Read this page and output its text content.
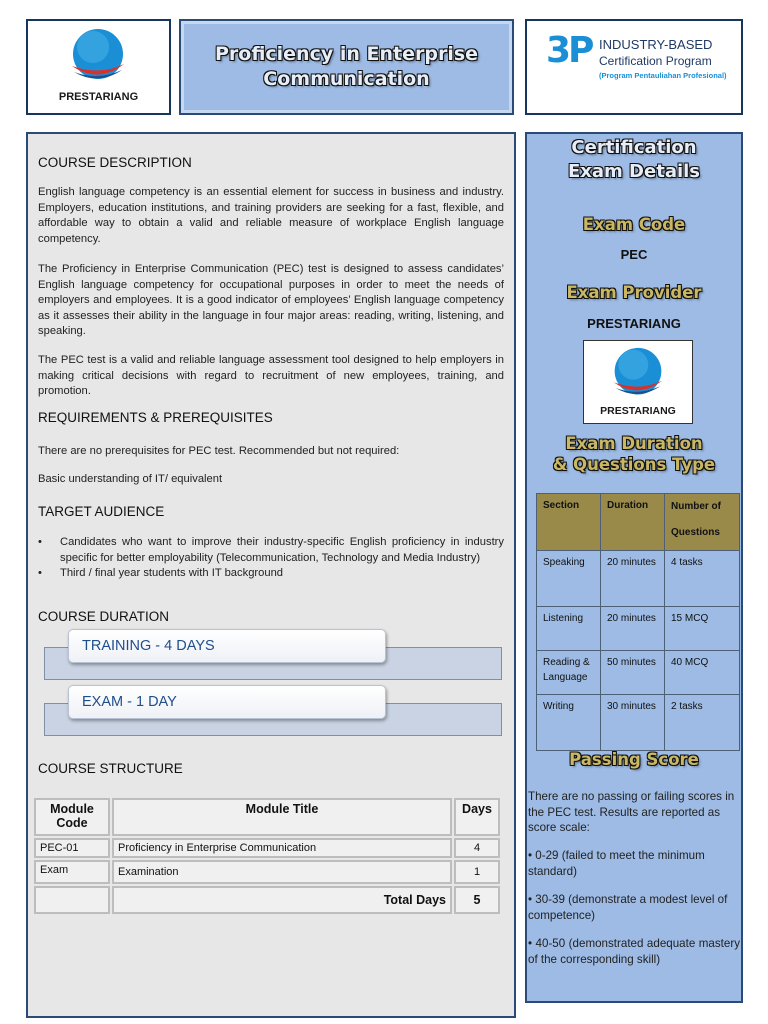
PRESTARIANG
Proficiency in Enterprise
Communication
3P INDUSTRY-BASED
Certification Program
(Program Pentauliahan Profesional)
COURSE DESCRIPTION
English language competency is an essential element for success in business and industry. Employers, education institutions, and training providers are seeking for a fast, flexible, and affordable way to obtain a valid and reliable measure of workplace English language competency.
The Proficiency in Enterprise Communication (PEC) test is designed to assess candidates’ English language competency for occupational purposes in order to meet the needs of employers and employees. It is a good indicator of employees’ English language competency as it assesses their ability in the language in four major areas: reading, writing, listening, and speaking.
The PEC test is a valid and reliable language assessment tool designed to help employers in making critical decisions with regard to recruitment of new employees, training, and promotion.
REQUIREMENTS & PREREQUISITES
There are no prerequisites for PEC test. Recommended but not required:
Basic understanding of IT/ equivalent
TARGET AUDIENCE
• Candidates who want to improve their industry-specific English proficiency in industry specific for better employability (Telecommunication, Technology and Media Industry)
• Third / final year students with IT background
COURSE DURATION
TRAINING - 4 DAYS
EXAM - 1 DAY
COURSE STRUCTURE
Module Code	Module Title	Days
PEC-01	Proficiency in Enterprise Communication	4
Exam	Examination	1
	Total Days	5
Certification
Exam Details
Exam Code
PEC
Exam Provider
PRESTARIANG
PRESTARIANG
Exam Duration
& Questions Type
Section	Duration	Number of Questions
Speaking	20 minutes	4 tasks
Listening	20 minutes	15 MCQ
Reading & Language	50 minutes	40 MCQ
Writing	30 minutes	2 tasks
Passing Score
There are no passing or failing scores in the PEC test. Results are reported as score scale:
• 0-29 (failed to meet the minimum standard)
• 30-39 (demonstrate a modest level of competence)
• 40-50 (demonstrated adequate mastery of the corresponding skill)
